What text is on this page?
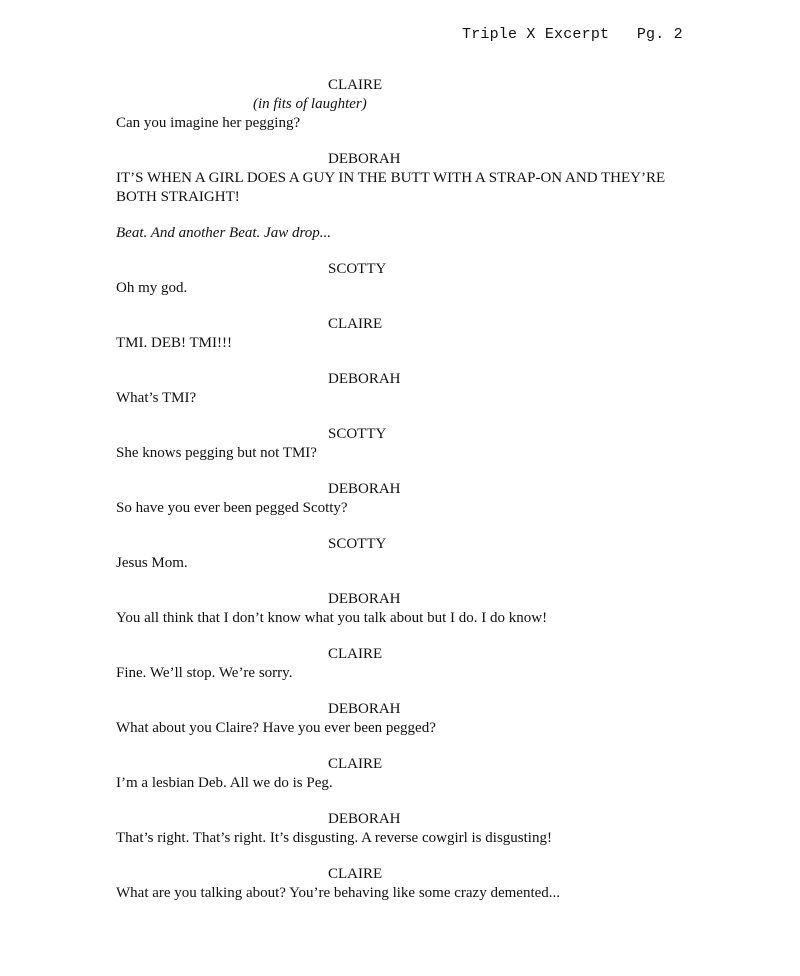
Triple X Excerpt Pg. 2
CLAIRE
(in fits of laughter)
Can you imagine her pegging?
DEBORAH
IT’S WHEN A GIRL DOES A GUY IN THE BUTT WITH A STRAP-ON AND THEY’RE BOTH STRAIGHT!
Beat. And another Beat. Jaw drop...
SCOTTY
Oh my god.
CLAIRE
TMI. DEB! TMI!!!
DEBORAH
What’s TMI?
SCOTTY
She knows pegging but not TMI?
DEBORAH
So have you ever been pegged Scotty?
SCOTTY
Jesus Mom.
DEBORAH
You all think that I don’t know what you talk about but I do. I do know!
CLAIRE
Fine. We’ll stop. We’re sorry.
DEBORAH
What about you Claire? Have you ever been pegged?
CLAIRE
I’m a lesbian Deb. All we do is Peg.
DEBORAH
That’s right. That’s right. It’s disgusting. A reverse cowgirl is disgusting!
CLAIRE
What are you talking about? You’re behaving like some crazy demented...
